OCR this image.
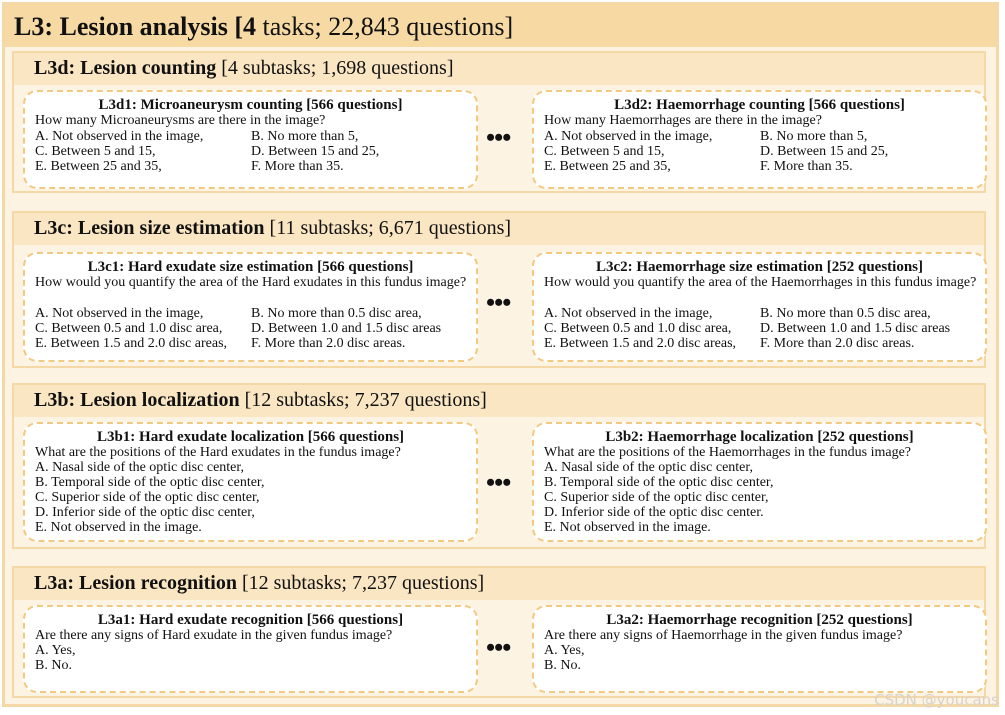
L3: Lesion analysis [4 tasks; 22,843 questions]
L3d: Lesion counting [4 subtasks; 1,698 questions]
L3d1: Microaneurysm counting [566 questions]
How many Microaneurysms are there in the image?
A. Not observed in the image,	B. No more than 5,
C. Between 5 and 15,	D. Between 15 and 25,
E. Between 25 and 35,	F. More than 35.
•••
L3d2: Haemorrhage counting [566 questions]
How many Haemorrhages are there in the image?
A. Not observed in the image,	B. No more than 5,
C. Between 5 and 15,	D. Between 15 and 25,
E. Between 25 and 35,	F. More than 35.
L3c: Lesion size estimation [11 subtasks; 6,671 questions]
L3c1: Hard exudate size estimation [566 questions]
How would you quantify the area of the Hard exudates in this fundus image?
A. Not observed in the image,	B. No more than 0.5 disc area,
C. Between 0.5 and 1.0 disc area, D. Between 1.0 and 1.5 disc areas
E. Between 1.5 and 2.0 disc areas, F. More than 2.0 disc areas.
•••
L3c2: Haemorrhage size estimation [252 questions]
How would you quantify the area of the Haemorrhages in this fundus image?
A. Not observed in the image,	B. No more than 0.5 disc area,
C. Between 0.5 and 1.0 disc area, D. Between 1.0 and 1.5 disc areas
E. Between 1.5 and 2.0 disc areas, F. More than 2.0 disc areas.
L3b: Lesion localization [12 subtasks; 7,237 questions]
L3b1: Hard exudate localization [566 questions]
What are the positions of the Hard exudates in the fundus image?
A. Nasal side of the optic disc center,
B. Temporal side of the optic disc center,
C. Superior side of the optic disc center,
D. Inferior side of the optic disc center,
E. Not observed in the image.
•••
L3b2: Haemorrhage localization [252 questions]
What are the positions of the Haemorrhages in the fundus image?
A. Nasal side of the optic disc center,
B. Temporal side of the optic disc center,
C. Superior side of the optic disc center,
D. Inferior side of the optic disc center.
E. Not observed in the image.
L3a: Lesion recognition [12 subtasks; 7,237 questions]
L3a1: Hard exudate recognition [566 questions]
Are there any signs of Hard exudate in the given fundus image?
A. Yes,
B. No.
•••
L3a2: Haemorrhage recognition [252 questions]
Are there any signs of Haemorrhage in the given fundus image?
A. Yes,
B. No.
CSDN @youcans
